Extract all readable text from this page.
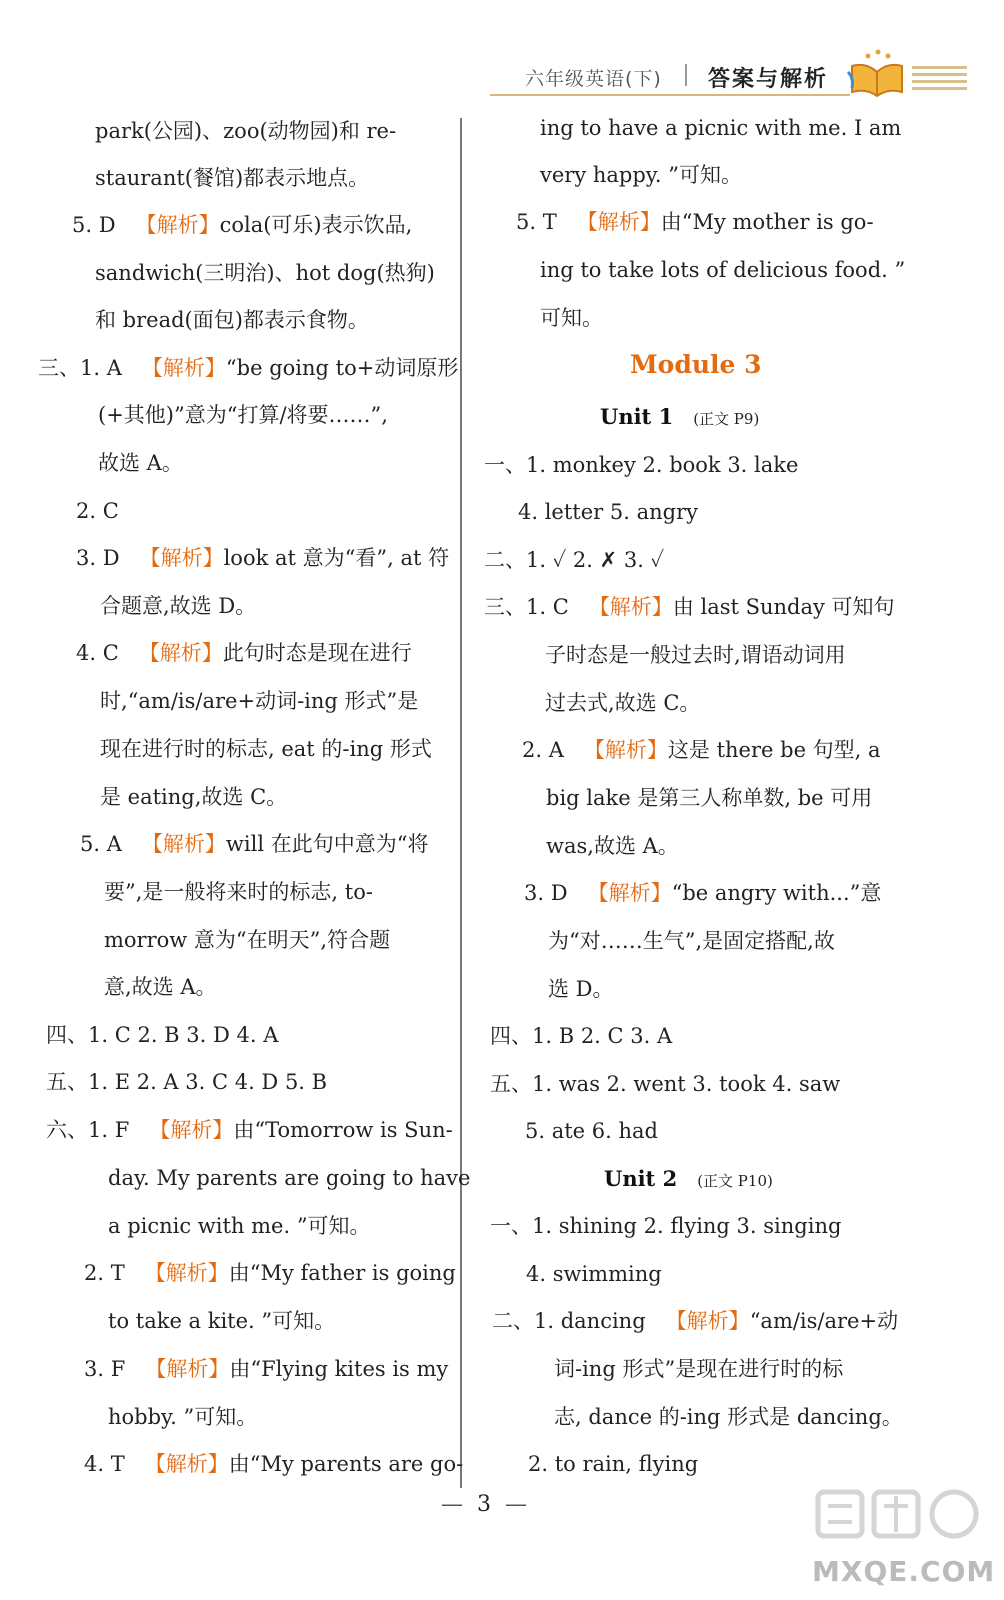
六年级英语(下) 答案与解析
park(公园)、zoo(动物园)和 re-
staurant(餐馆)都表示地点。
5. D 【解析】cola(可乐)表示饮品,
sandwich(三明治)、hot dog(热狗)
和 bread(面包)都表示食物。
三、1. A 【解析】“be going to+动词原形
(+其他)”意为“打算/将要……”,
故选 A。
2. C
3. D 【解析】look at 意为“看”, at 符
合题意,故选 D。
4. C 【解析】此句时态是现在进行
时,“am/is/are+动词-ing 形式”是
现在进行时的标志, eat 的-ing 形式
是 eating,故选 C。
5. A 【解析】will 在此句中意为“将
要”,是一般将来时的标志, to-
morrow 意为“在明天”,符合题
意,故选 A。
四、1. C 2. B 3. D 4. A
五、1. E 2. A 3. C 4. D 5. B
六、1. F 【解析】由“Tomorrow is Sun-
day. My parents are going to have
a picnic with me. ”可知。
2. T 【解析】由“My father is going
to take a kite. ”可知。
3. F 【解析】由“Flying kites is my
hobby. ”可知。
4. T 【解析】由“My parents are go-
ing to have a picnic with me. I am
very happy. ”可知。
5. T 【解析】由“My mother is go-
ing to take lots of delicious food. ”
可知。
Module 3
Unit 1 (正文 P9)
一、1. monkey 2. book 3. lake
4. letter 5. angry
二、1. ✓ 2. ✗ 3. ✓
三、1. C 【解析】由 last Sunday 可知句
子时态是一般过去时,谓语动词用
过去式,故选 C。
2. A 【解析】这是 there be 句型, a
big lake 是第三人称单数, be 可用
was,故选 A。
3. D 【解析】“be angry with...”意
为“对……生气”,是固定搭配,故
选 D。
四、1. B 2. C 3. A
五、1. was 2. went 3. took 4. saw
5. ate 6. had
Unit 2 (正文 P10)
一、1. shining 2. flying 3. singing
4. swimming
二、1. dancing 【解析】“am/is/are+动
词-ing 形式”是现在进行时的标
志, dance 的-ing 形式是 dancing。
2. to rain, flying
—  3  —
MXQE.COM
